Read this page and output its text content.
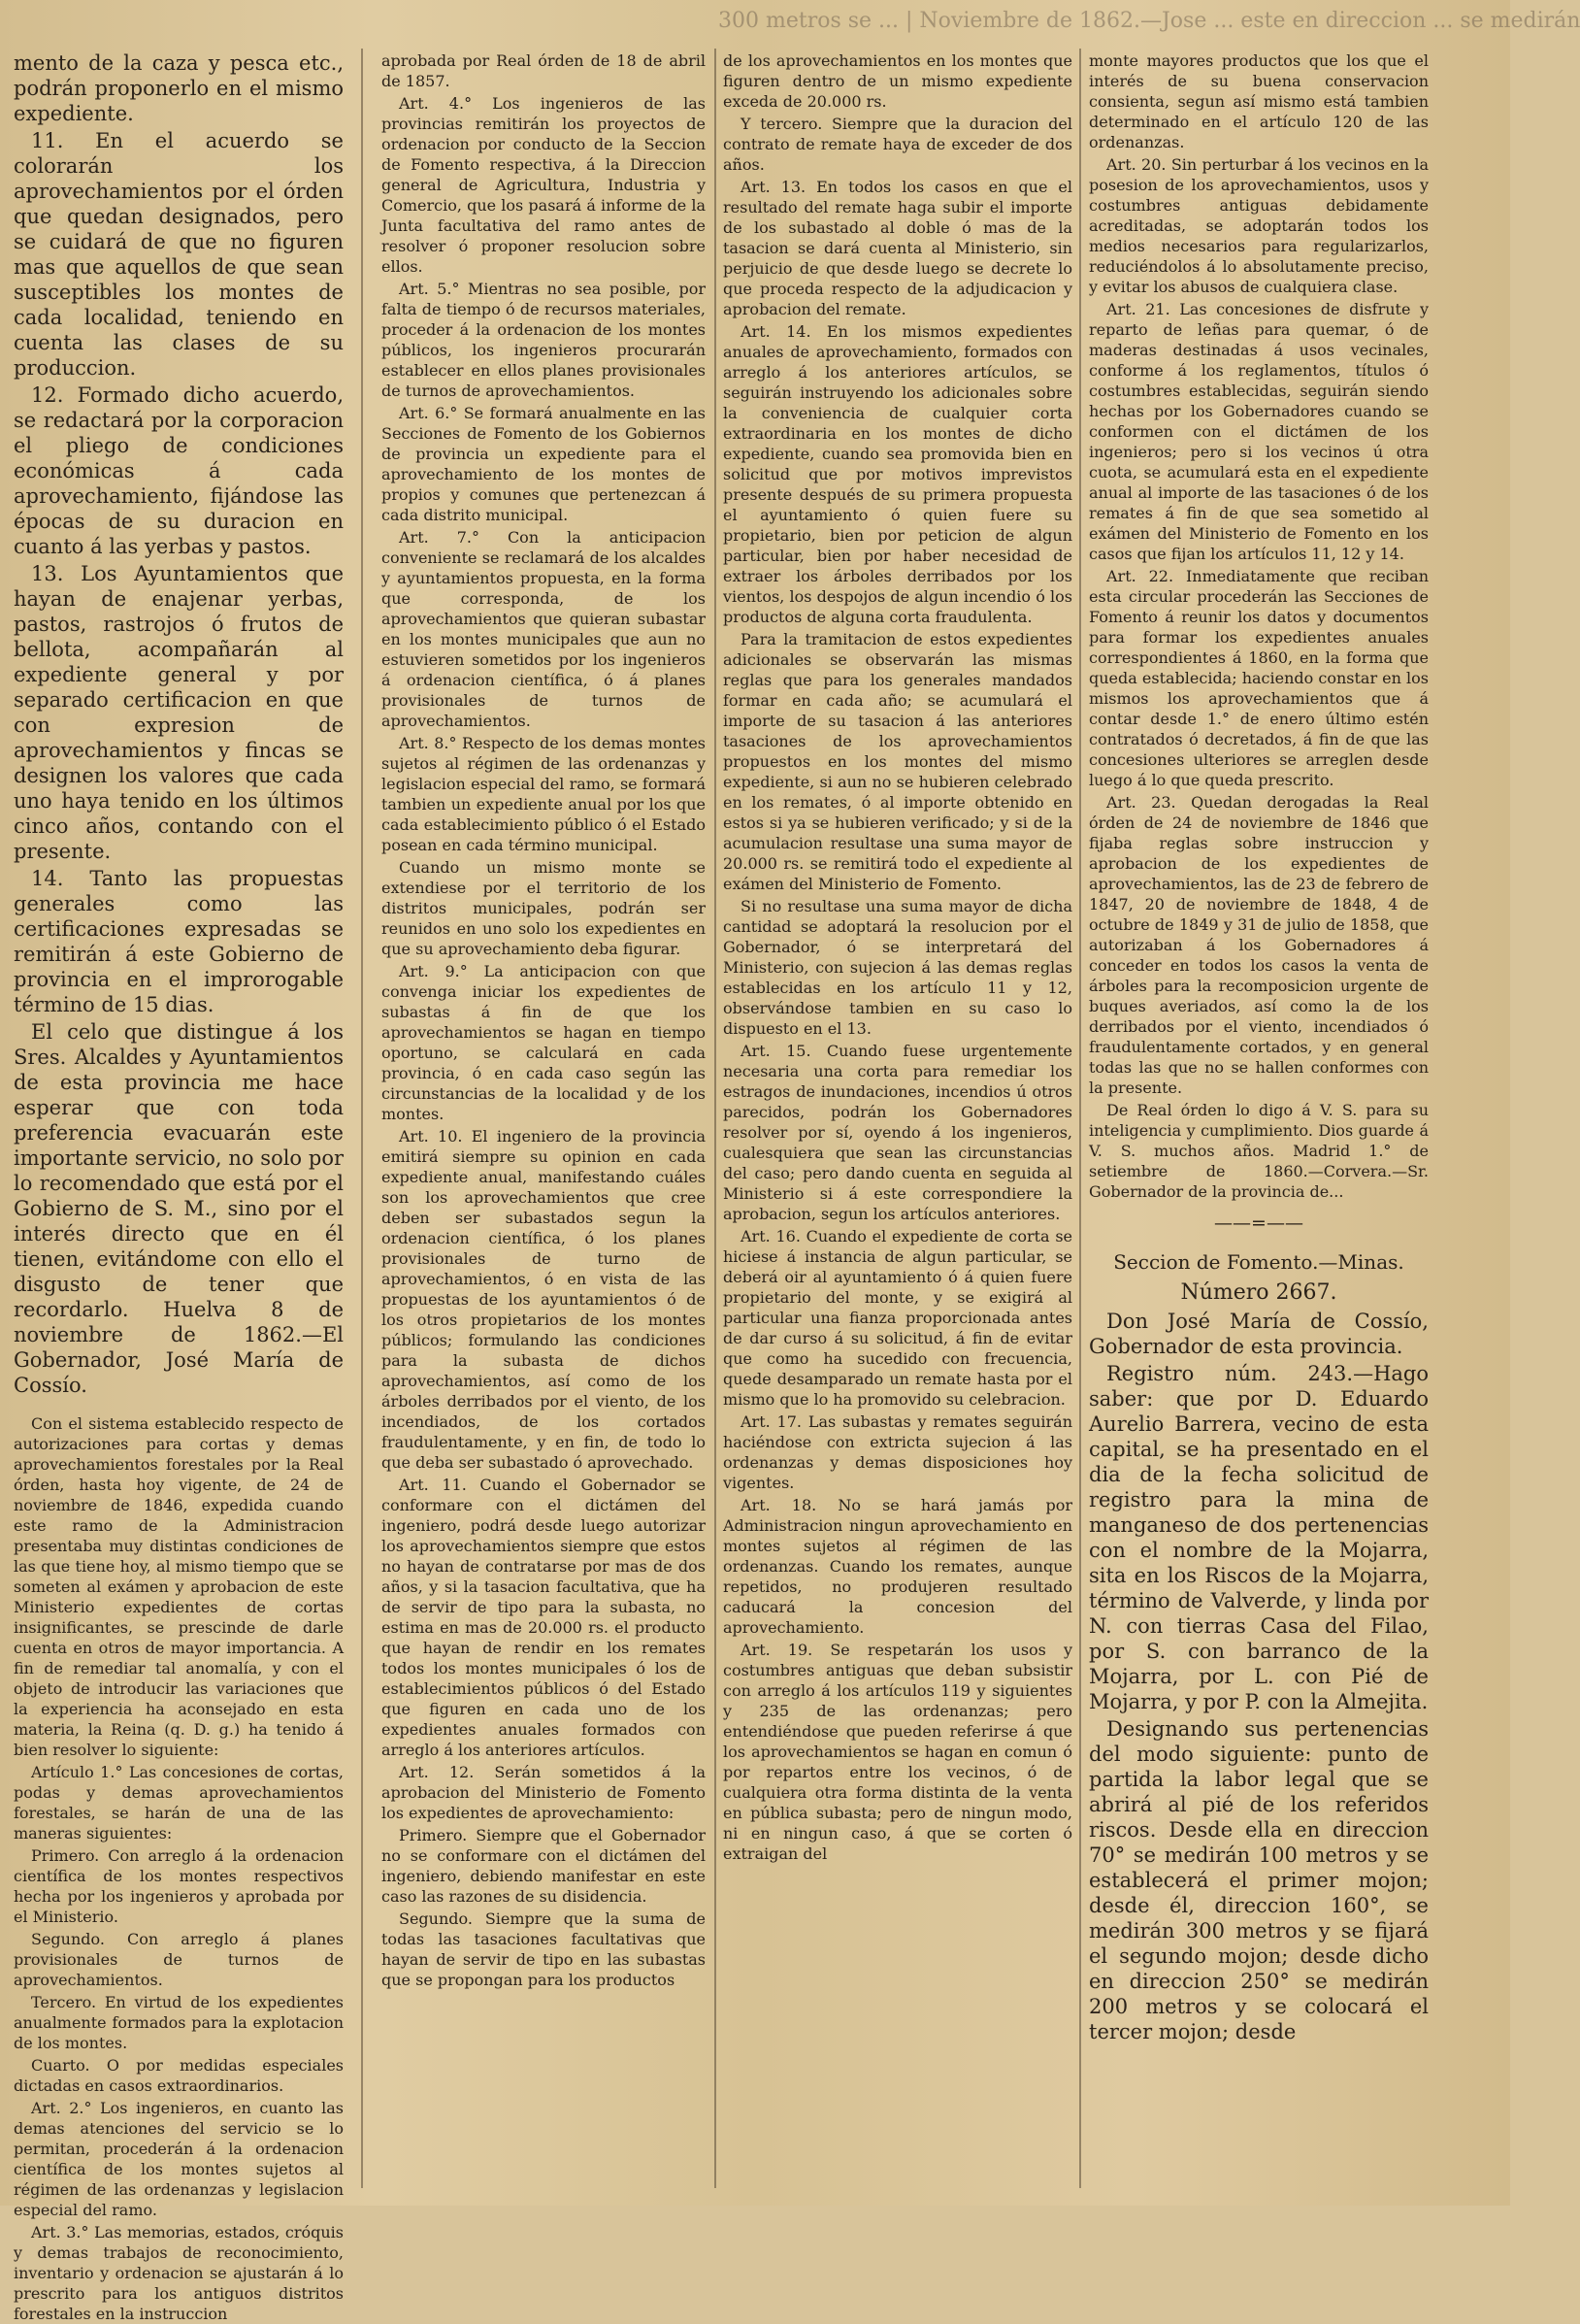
300 metros se ... | Noviembre de 1862.—Jose ... este en direccion ... se medirán

mento de la caza y pesca etc., podrán proponerlo en el mismo expediente.

11. En el acuerdo se colorarán los aprovechamientos por el órden que quedan designados, pero se cuidará de que no figuren mas que aquellos de que sean susceptibles los montes de cada localidad, teniendo en cuenta las clases de su produccion.

12. Formado dicho acuerdo, se redactará por la corporacion el pliego de condiciones económicas á cada aprovechamiento, fijándose las épocas de su duracion en cuanto á las yerbas y pastos.

13. Los Ayuntamientos que hayan de enajenar yerbas, pastos, rastrojos ó frutos de bellota, acompañarán al expediente general y por separado certificacion en que con expresion de aprovechamientos y fincas se designen los valores que cada uno haya tenido en los últimos cinco años, contando con el presente.

14. Tanto las propuestas generales como las certificaciones expresadas se remitirán á este Gobierno de provincia en el improrogable término de 15 dias.

El celo que distingue á los Sres. Alcaldes y Ayuntamientos de esta provincia me hace esperar que con toda preferencia evacuarán este importante servicio, no solo por lo recomendado que está por el Gobierno de S. M., sino por el interés directo que en él tienen, evitándome con ello el disgusto de tener que recordarlo. Huelva 8 de noviembre de 1862.—El Gobernador, José María de Cossío.

Con el sistema establecido respecto de autorizaciones para cortas y demas aprovechamientos forestales por la Real órden, hasta hoy vigente, de 24 de noviembre de 1846, expedida cuando este ramo de la Administracion presentaba muy distintas condiciones de las que tiene hoy, al mismo tiempo que se someten al exámen y aprobacion de este Ministerio expedientes de cortas insignificantes, se prescinde de darle cuenta en otros de mayor importancia. A fin de remediar tal anomalía, y con el objeto de introducir las variaciones que la experiencia ha aconsejado en esta materia, la Reina (q. D. g.) ha tenido á bien resolver lo siguiente:

Artículo 1.° Las concesiones de cortas, podas y demas aprovechamientos forestales, se harán de una de las maneras siguientes:

Primero. Con arreglo á la ordenacion científica de los montes respectivos hecha por los ingenieros y aprobada por el Ministerio.

Segundo. Con arreglo á planes provisionales de turnos de aprovechamientos.

Tercero. En virtud de los expedientes anualmente formados para la explotacion de los montes.

Cuarto. O por medidas especiales dictadas en casos extraordinarios.

Art. 2.° Los ingenieros, en cuanto las demas atenciones del servicio se lo permitan, procederán á la ordenacion científica de los montes sujetos al régimen de las ordenanzas y legislacion especial del ramo.

Art. 3.° Las memorias, estados, cróquis y demas trabajos de reconocimiento, inventario y ordenacion se ajustarán á lo prescrito para los antiguos distritos forestales en la instruccion

aprobada por Real órden de 18 de abril de 1857.

Art. 4.° Los ingenieros de las provincias remitirán los proyectos de ordenacion por conducto de la Seccion de Fomento respectiva, á la Direccion general de Agricultura, Industria y Comercio, que los pasará á informe de la Junta facultativa del ramo antes de resolver ó proponer resolucion sobre ellos.

Art. 5.° Mientras no sea posible, por falta de tiempo ó de recursos materiales, proceder á la ordenacion de los montes públicos, los ingenieros procurarán establecer en ellos planes provisionales de turnos de aprovechamientos.

Art. 6.° Se formará anualmente en las Secciones de Fomento de los Gobiernos de provincia un expediente para el aprovechamiento de los montes de propios y comunes que pertenezcan á cada distrito municipal.

Art. 7.° Con la anticipacion conveniente se reclamará de los alcaldes y ayuntamientos propuesta, en la forma que corresponda, de los aprovechamientos que quieran subastar en los montes municipales que aun no estuvieren sometidos por los ingenieros á ordenacion científica, ó á planes provisionales de turnos de aprovechamientos.

Art. 8.° Respecto de los demas montes sujetos al régimen de las ordenanzas y legislacion especial del ramo, se formará tambien un expediente anual por los que cada establecimiento público ó el Estado posean en cada término municipal.

Cuando un mismo monte se extendiese por el territorio de los distritos municipales, podrán ser reunidos en uno solo los expedientes en que su aprovechamiento deba figurar.

Art. 9.° La anticipacion con que convenga iniciar los expedientes de subastas á fin de que los aprovechamientos se hagan en tiempo oportuno, se calculará en cada provincia, ó en cada caso según las circunstancias de la localidad y de los montes.

Art. 10. El ingeniero de la provincia emitirá siempre su opinion en cada expediente anual, manifestando cuáles son los aprovechamientos que cree deben ser subastados segun la ordenacion científica, ó los planes provisionales de turno de aprovechamientos, ó en vista de las propuestas de los ayuntamientos ó de los otros propietarios de los montes públicos; formulando las condiciones para la subasta de dichos aprovechamientos, así como de los árboles derribados por el viento, de los incendiados, de los cortados fraudulentamente, y en fin, de todo lo que deba ser subastado ó aprovechado.

Art. 11. Cuando el Gobernador se conformare con el dictámen del ingeniero, podrá desde luego autorizar los aprovechamientos siempre que estos no hayan de contratarse por mas de dos años, y si la tasacion facultativa, que ha de servir de tipo para la subasta, no estima en mas de 20.000 rs. el producto que hayan de rendir en los remates todos los montes municipales ó los de establecimientos públicos ó del Estado que figuren en cada uno de los expedientes anuales formados con arreglo á los anteriores artículos.

Art. 12. Serán sometidos á la aprobacion del Ministerio de Fomento los expedientes de aprovechamiento:

Primero. Siempre que el Gobernador no se conformare con el dictámen del ingeniero, debiendo manifestar en este caso las razones de su disidencia.

Segundo. Siempre que la suma de todas las tasaciones facultativas que hayan de servir de tipo en las subastas que se propongan para los productos

de los aprovechamientos en los montes que figuren dentro de un mismo expediente exceda de 20.000 rs.

Y tercero. Siempre que la duracion del contrato de remate haya de exceder de dos años.

Art. 13. En todos los casos en que el resultado del remate haga subir el importe de los subastado al doble ó mas de la tasacion se dará cuenta al Ministerio, sin perjuicio de que desde luego se decrete lo que proceda respecto de la adjudicacion y aprobacion del remate.

Art. 14. En los mismos expedientes anuales de aprovechamiento, formados con arreglo á los anteriores artículos, se seguirán instruyendo los adicionales sobre la conveniencia de cualquier corta extraordinaria en los montes de dicho expediente, cuando sea promovida bien en solicitud que por motivos imprevistos presente después de su primera propuesta el ayuntamiento ó quien fuere su propietario, bien por peticion de algun particular, bien por haber necesidad de extraer los árboles derribados por los vientos, los despojos de algun incendio ó los productos de alguna corta fraudulenta.

Para la tramitacion de estos expedientes adicionales se observarán las mismas reglas que para los generales mandados formar en cada año; se acumulará el importe de su tasacion á las anteriores tasaciones de los aprovechamientos propuestos en los montes del mismo expediente, si aun no se hubieren celebrado en los remates, ó al importe obtenido en estos si ya se hubieren verificado; y si de la acumulacion resultase una suma mayor de 20.000 rs. se remitirá todo el expediente al exámen del Ministerio de Fomento.

Si no resultase una suma mayor de dicha cantidad se adoptará la resolucion por el Gobernador, ó se interpretará del Ministerio, con sujecion á las demas reglas establecidas en los artículo 11 y 12, observándose tambien en su caso lo dispuesto en el 13.

Art. 15. Cuando fuese urgentemente necesaria una corta para remediar los estragos de inundaciones, incendios ú otros parecidos, podrán los Gobernadores resolver por sí, oyendo á los ingenieros, cualesquiera que sean las circunstancias del caso; pero dando cuenta en seguida al Ministerio si á este correspondiere la aprobacion, segun los artículos anteriores.

Art. 16. Cuando el expediente de corta se hiciese á instancia de algun particular, se deberá oir al ayuntamiento ó á quien fuere propietario del monte, y se exigirá al particular una fianza proporcionada antes de dar curso á su solicitud, á fin de evitar que como ha sucedido con frecuencia, quede desamparado un remate hasta por el mismo que lo ha promovido su celebracion.

Art. 17. Las subastas y remates seguirán haciéndose con extricta sujecion á las ordenanzas y demas disposiciones hoy vigentes.

Art. 18. No se hará jamás por Administracion ningun aprovechamiento en montes sujetos al régimen de las ordenanzas. Cuando los remates, aunque repetidos, no produjeren resultado caducará la concesion del aprovechamiento.

Art. 19. Se respetarán los usos y costumbres antiguas que deban subsistir con arreglo á los artículos 119 y siguientes y 235 de las ordenanzas; pero entendiéndose que pueden referirse á que los aprovechamientos se hagan en comun ó por repartos entre los vecinos, ó de cualquiera otra forma distinta de la venta en pública subasta; pero de ningun modo, ni en ningun caso, á que se corten ó extraigan del

monte mayores productos que los que el interés de su buena conservacion consienta, segun así mismo está tambien determinado en el artículo 120 de las ordenanzas.

Art. 20. Sin perturbar á los vecinos en la posesion de los aprovechamientos, usos y costumbres antiguas debidamente acreditadas, se adoptarán todos los medios necesarios para regularizarlos, reduciéndolos á lo absolutamente preciso, y evitar los abusos de cualquiera clase.

Art. 21. Las concesiones de disfrute y reparto de leñas para quemar, ó de maderas destinadas á usos vecinales, conforme á los reglamentos, títulos ó costumbres establecidas, seguirán siendo hechas por los Gobernadores cuando se conformen con el dictámen de los ingenieros; pero si los vecinos ú otra cuota, se acumulará esta en el expediente anual al importe de las tasaciones ó de los remates á fin de que sea sometido al exámen del Ministerio de Fomento en los casos que fijan los artículos 11, 12 y 14.

Art. 22. Inmediatamente que reciban esta circular procederán las Secciones de Fomento á reunir los datos y documentos para formar los expedientes anuales correspondientes á 1860, en la forma que queda establecida; haciendo constar en los mismos los aprovechamientos que á contar desde 1.° de enero último estén contratados ó decretados, á fin de que las concesiones ulteriores se arreglen desde luego á lo que queda prescrito.

Art. 23. Quedan derogadas la Real órden de 24 de noviembre de 1846 que fijaba reglas sobre instruccion y aprobacion de los expedientes de aprovechamientos, las de 23 de febrero de 1847, 20 de noviembre de 1848, 4 de octubre de 1849 y 31 de julio de 1858, que autorizaban á los Gobernadores á conceder en todos los casos la venta de árboles para la recomposicion urgente de buques averiados, así como la de los derribados por el viento, incendiados ó fraudulentamente cortados, y en general todas las que no se hallen conformes con la presente.

De Real órden lo digo á V. S. para su inteligencia y cumplimiento. Dios guarde á V. S. muchos años. Madrid 1.° de setiembre de 1860.—Corvera.—Sr. Gobernador de la provincia de...

——=——

Seccion de Fomento.—Minas.

Número 2667.

Don José María de Cossío, Gobernador de esta provincia.

Registro núm. 243.—Hago saber: que por D. Eduardo Aurelio Barrera, vecino de esta capital, se ha presentado en el dia de la fecha solicitud de registro para la mina de manganeso de dos pertenencias con el nombre de la Mojarra, sita en los Riscos de la Mojarra, término de Valverde, y linda por N. con tierras Casa del Filao, por S. con barranco de la Mojarra, por L. con Pié de Mojarra, y por P. con la Almejita.

Designando sus pertenencias del modo siguiente: punto de partida la labor legal que se abrirá al pié de los referidos riscos. Desde ella en direccion 70° se medirán 100 metros y se establecerá el primer mojon; desde él, direccion 160°, se medirán 300 metros y se fijará el segundo mojon; desde dicho en direccion 250° se medirán 200 metros y se colocará el tercer mojon; desde
